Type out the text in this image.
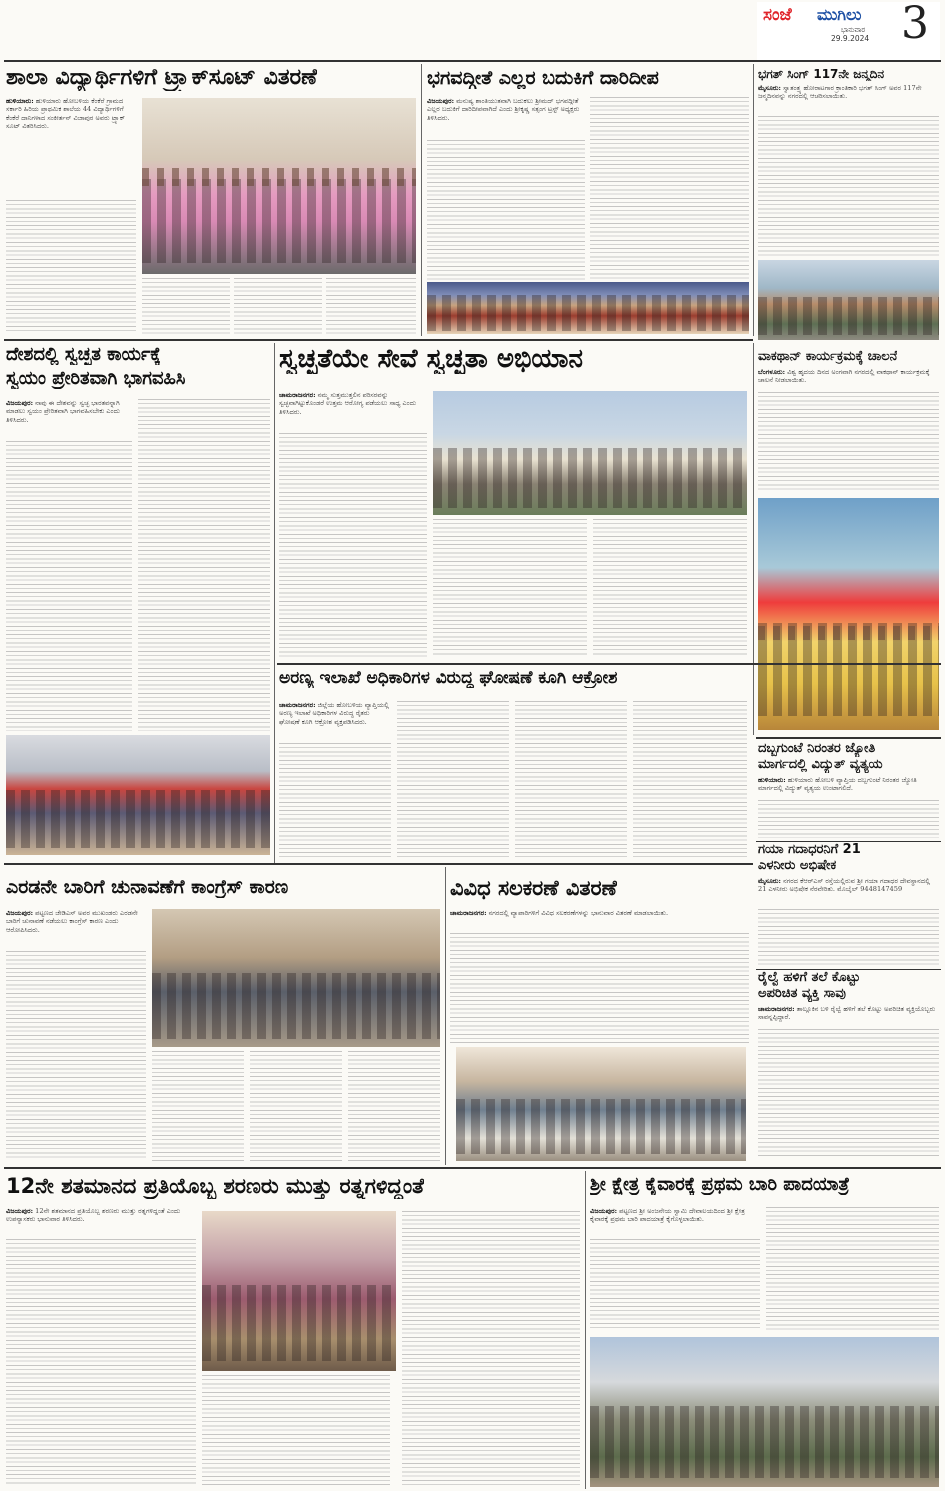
ಸಂಜೆ ಮುಗಿಲು
ಭಾನುವಾರ
29.9.2024 3
ಶಾಲಾ ವಿದ್ಯಾರ್ಥಿಗಳಿಗೆ ಟ್ರ್ಯಾಕ್‌ಸೂಟ್ ವಿತರಣೆ
ಹುಳಿಯಾರು: ಹುಳಿಯಾರು ಹೋಬಳಿಯ ಕೆಂಕೆರೆ ಗ್ರಾಮದ ಸರ್ಕಾರಿ ಹಿರಿಯ ಪ್ರಾಥಮಿಕ ಶಾಲೆಯ 44 ವಿದ್ಯಾರ್ಥಿಗಳಿಗೆ ಕೆಂಕೆರೆ ದಾನಿಗಳಾದ ಸಂಕೀರ್ತನ್ ವಿಜಾಪುರ ಅವರು ಟ್ರ್ಯಾಕ್ ಸೂಟ್ ವಿತರಿಸಿದರು.
ಭಗವದ್ಗೀತೆ ಎಲ್ಲರ ಬದುಕಿಗೆ ದಾರಿದೀಪ
ವಿಜಯಪುರ: ಮನುಷ್ಯ ಶಾಂತಿಯುತವಾಗಿ ಬದುಕಲು ಶ್ರೀಮದ್ ಭಗವದ್ಗೀತೆ ಎಲ್ಲರ ಬದುಕಿಗೆ ದಾರಿದೀಪವಾಗಿದೆ ಎಂದು ಶ್ರೀಕೃಷ್ಣ ಸತ್ಸಂಗ ಟ್ರಸ್ಟ್ ಅಧ್ಯಕ್ಷರು ತಿಳಿಸಿದರು.
ಭಗತ್ ಸಿಂಗ್ 117ನೇ ಜನ್ಮದಿನ
ಮೈಸೂರು: ಸ್ವಾತಂತ್ರ್ಯ ಹೋರಾಟಗಾರ ಕ್ರಾಂತಿಕಾರಿ ಭಗತ್ ಸಿಂಗ್ ಅವರ 117ನೇ ಜನ್ಮದಿನವನ್ನು ನಗರದಲ್ಲಿ ಆಚರಿಸಲಾಯಿತು.
ದೇಶದಲ್ಲಿ ಸ್ವಚ್ಛತ ಕಾರ್ಯಕ್ಕೆ
ಸ್ವಯಂ ಪ್ರೇರಿತವಾಗಿ ಭಾಗವಹಿಸಿ
ವಿಜಯಪುರ: ನಾವು ಈ ದೇಶವನ್ನು ಸ್ವಚ್ಛ ಭಾರತವನ್ನಾಗಿ ಮಾಡಲು ಸ್ವಯಂ ಪ್ರೇರಿತವಾಗಿ ಭಾಗವಹಿಸಬೇಕು ಎಂದು ತಿಳಿಸಿದರು.
ಸ್ವಚ್ಛತೆಯೇ ಸೇವೆ ಸ್ವಚ್ಛತಾ ಅಭಿಯಾನ
ಚಾಮರಾಜನಗರ: ನಮ್ಮ ಸುತ್ತಮುತ್ತಲಿನ ಪರಿಸರವನ್ನು ಸ್ವಚ್ಛವಾಗಿಟ್ಟುಕೊಂಡರೆ ಉತ್ತಮ ಆರೋಗ್ಯ ಪಡೆಯಲು ಸಾಧ್ಯ ಎಂದು ತಿಳಿಸಿದರು.
ವಾಕಥಾನ್ ಕಾರ್ಯಕ್ರಮಕ್ಕೆ ಚಾಲನೆ
ಬೆಂಗಳೂರು: ವಿಶ್ವ ಹೃದಯ ದಿನದ ಅಂಗವಾಗಿ ನಗರದಲ್ಲಿ ವಾಕಥಾನ್ ಕಾರ್ಯಕ್ರಮಕ್ಕೆ ಚಾಲನೆ ನೀಡಲಾಯಿತು.
ಅರಣ್ಯ ಇಲಾಖೆ ಅಧಿಕಾರಿಗಳ ವಿರುದ್ಧ ಘೋಷಣೆ ಕೂಗಿ ಆಕ್ರೋಶ
ಚಾಮರಾಜನಗರ: ಜಿಲ್ಲೆಯ ಹೋಬಳಿಯ ವ್ಯಾಪ್ತಿಯಲ್ಲಿ ಅರಣ್ಯ ಇಲಾಖೆ ಅಧಿಕಾರಿಗಳ ವಿರುದ್ಧ ರೈತರು ಘೋಷಣೆ ಕೂಗಿ ಆಕ್ರೋಶ ವ್ಯಕ್ತಪಡಿಸಿದರು.
ದಬ್ಬಗುಂಟೆ ನಿರಂತರ ಜ್ಯೋತಿ
ಮಾರ್ಗದಲ್ಲಿ ವಿದ್ಯುತ್ ವ್ಯತ್ಯಯ
ಹುಳಿಯಾರು: ಹುಳಿಯಾರು ಹೋಬಳಿ ವ್ಯಾಪ್ತಿಯ ದಬ್ಬಗುಂಟೆ ನಿರಂತರ ಜ್ಯೋತಿ ಮಾರ್ಗದಲ್ಲಿ ವಿದ್ಯುತ್ ವ್ಯತ್ಯಯ ಉಂಟಾಗಲಿದೆ.
ಗಯಾ ಗದಾಧರನಿಗೆ 21
ಎಳನೀರು ಅಭಿಷೇಕ
ಮೈಸೂರು: ನಗರದ ಕೆಆರ್‌ಎಸ್ ರಸ್ತೆಯಲ್ಲಿರುವ ಶ್ರೀ ಗಯಾ ಗದಾಧರ ದೇವಸ್ಥಾನದಲ್ಲಿ 21 ಎಳನೀರು ಅಭಿಷೇಕ ನೆರವೇರಿತು. ಮೊಬೈಲ್ 9448147459
ರೈಲ್ವೆ ಹಳಿಗೆ ತಲೆ ಕೊಟ್ಟು
ಅಪರಿಚಿತ ವ್ಯಕ್ತಿ ಸಾವು
ಚಾಮರಾಜನಗರ: ತಾಲ್ಲೂಕಿನ ಬಳಿ ರೈಲ್ವೆ ಹಳಿಗೆ ತಲೆ ಕೊಟ್ಟು ಅಪರಿಚಿತ ವ್ಯಕ್ತಿಯೊಬ್ಬರು ಸಾವನ್ನಪ್ಪಿದ್ದಾರೆ.
ಎರಡನೇ ಬಾರಿಗೆ ಚುನಾವಣೆಗೆ ಕಾಂಗ್ರೆಸ್ ಕಾರಣ
ವಿಜಯಪುರ: ಪಟ್ಟಣದ ಜೇಡಿಎಸ್ ಅವರ ಮುಖಂಡರು ಎರಡನೇ ಬಾರಿಗೆ ಚುನಾವಣೆ ನಡೆಯಲು ಕಾಂಗ್ರೆಸ್ ಕಾರಣ ಎಂದು ಆರೋಪಿಸಿದರು.
ವಿವಿಧ ಸಲಕರಣೆ ವಿತರಣೆ
ಚಾಮರಾಜನಗರ: ನಗರದಲ್ಲಿ ವ್ಯಾಪಾರಿಗಳಿಗೆ ವಿವಿಧ ಸಲಕರಣೆಗಳನ್ನು ಭಾನುವಾರ ವಿತರಣೆ ಮಾಡಲಾಯಿತು.
12ನೇ ಶತಮಾನದ ಪ್ರತಿಯೊಬ್ಬ ಶರಣರು ಮುತ್ತು ರತ್ನಗಳಿದ್ದಂತೆ
ವಿಜಯಪುರ: 12ನೇ ಶತಮಾನದ ಪ್ರತಿಯೊಬ್ಬ ಶರಣರು ಮುತ್ತು ರತ್ನಗಳಿದ್ದಂತೆ ಎಂದು ಉಪನ್ಯಾಸಕರು ಭಾನುವಾರ ತಿಳಿಸಿದರು.
ಶ್ರೀ ಕ್ಷೇತ್ರ ಕೈವಾರಕ್ಕೆ ಪ್ರಥಮ ಬಾರಿ ಪಾದಯಾತ್ರೆ
ವಿಜಯಪುರ: ಪಟ್ಟಣದ ಶ್ರೀ ಅಂಜನೇಯ ಸ್ವಾಮಿ ದೇವಾಲಯದಿಂದ ಶ್ರೀ ಕ್ಷೇತ್ರ ಕೈವಾರಕ್ಕೆ ಪ್ರಥಮ ಬಾರಿ ಪಾದಯಾತ್ರೆ ಕೈಗೊಳ್ಳಲಾಯಿತು.
